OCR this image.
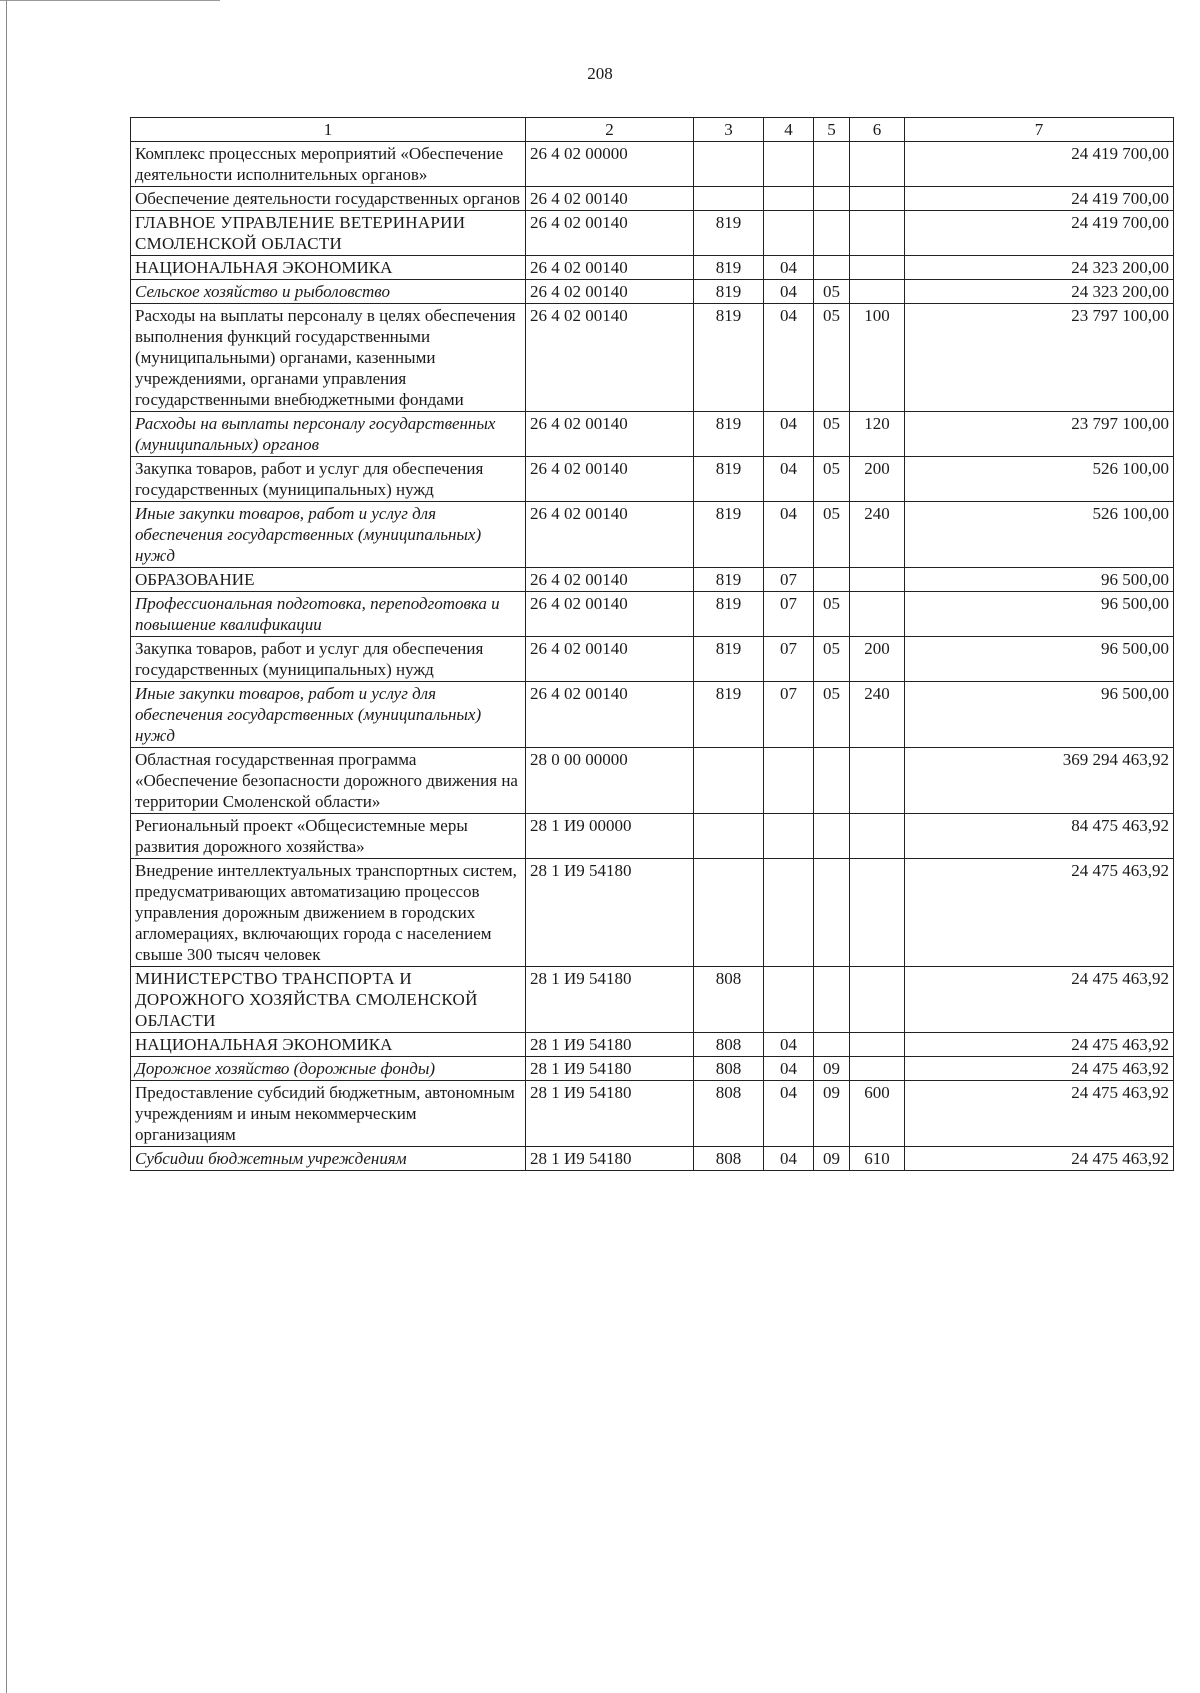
208
1	2	3	4	5	6	7
Комплекс процессных мероприятий «Обеспечение деятельности исполнительных органов»	26 4 02 00000					24 419 700,00
Обеспечение деятельности государственных органов	26 4 02 00140					24 419 700,00
ГЛАВНОЕ УПРАВЛЕНИЕ ВЕТЕРИНАРИИ СМОЛЕНСКОЙ ОБЛАСТИ	26 4 02 00140	819				24 419 700,00
НАЦИОНАЛЬНАЯ ЭКОНОМИКА	26 4 02 00140	819	04			24 323 200,00
Сельское хозяйство и рыболовство	26 4 02 00140	819	04	05		24 323 200,00
Расходы на выплаты персоналу в целях обеспечения выполнения функций государственными (муниципальными) органами, казенными учреждениями, органами управления государственными внебюджетными фондами	26 4 02 00140	819	04	05	100	23 797 100,00
Расходы на выплаты персоналу государственных (муниципальных) органов	26 4 02 00140	819	04	05	120	23 797 100,00
Закупка товаров, работ и услуг для обеспечения государственных (муниципальных) нужд	26 4 02 00140	819	04	05	200	526 100,00
Иные закупки товаров, работ и услуг для обеспечения государственных (муниципальных) нужд	26 4 02 00140	819	04	05	240	526 100,00
ОБРАЗОВАНИЕ	26 4 02 00140	819	07			96 500,00
Профессиональная подготовка, переподготовка и повышение квалификации	26 4 02 00140	819	07	05		96 500,00
Закупка товаров, работ и услуг для обеспечения государственных (муниципальных) нужд	26 4 02 00140	819	07	05	200	96 500,00
Иные закупки товаров, работ и услуг для обеспечения государственных (муниципальных) нужд	26 4 02 00140	819	07	05	240	96 500,00
Областная государственная программа «Обеспечение безопасности дорожного движения на территории Смоленской области»	28 0 00 00000					369 294 463,92
Региональный проект «Общесистемные меры развития дорожного хозяйства»	28 1 И9 00000					84 475 463,92
Внедрение интеллектуальных транспортных систем, предусматривающих автоматизацию процессов управления дорожным движением в городских агломерациях, включающих города с населением свыше 300 тысяч человек	28 1 И9 54180					24 475 463,92
МИНИСТЕРСТВО ТРАНСПОРТА И ДОРОЖНОГО ХОЗЯЙСТВА СМОЛЕНСКОЙ ОБЛАСТИ	28 1 И9 54180	808				24 475 463,92
НАЦИОНАЛЬНАЯ ЭКОНОМИКА	28 1 И9 54180	808	04			24 475 463,92
Дорожное хозяйство (дорожные фонды)	28 1 И9 54180	808	04	09		24 475 463,92
Предоставление субсидий бюджетным, автономным учреждениям и иным некоммерческим организациям	28 1 И9 54180	808	04	09	600	24 475 463,92
Субсидии бюджетным учреждениям	28 1 И9 54180	808	04	09	610	24 475 463,92
